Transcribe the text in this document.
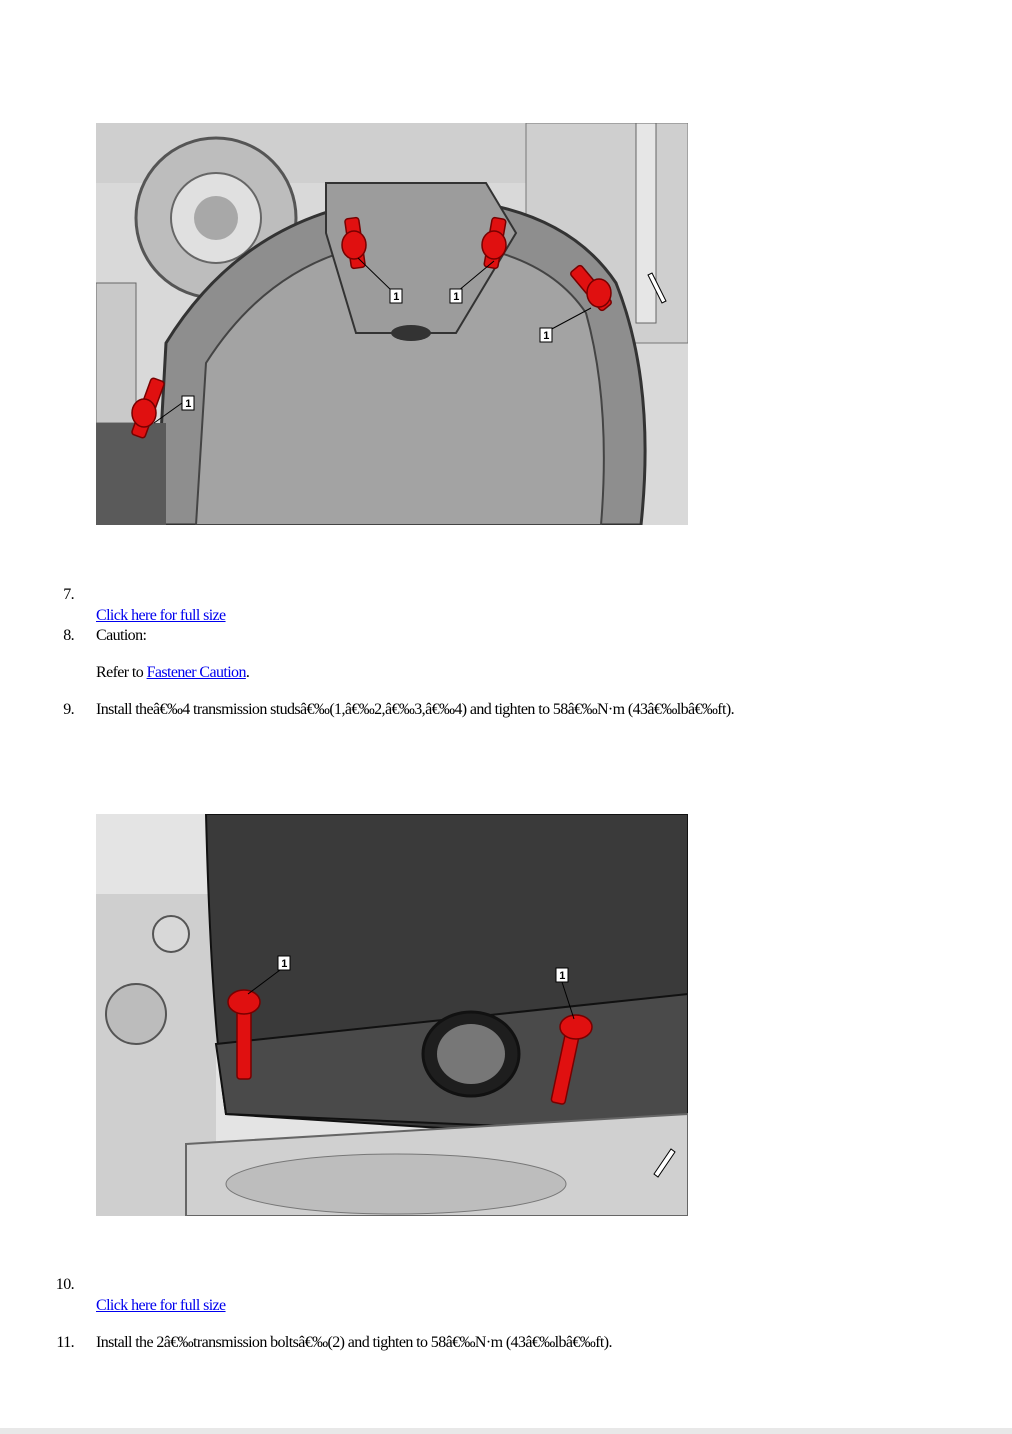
1	1
1
1
7.
Click here for full size
8. Caution:
Refer to Fastener Caution.
9. Install theâ€‰4 transmission studsâ€‰(1,â€‰2,â€‰3,â€‰4) and tighten to 58â€‰N·m (43â€‰lbâ€‰ft).
1
1
10.
Click here for full size
11. Install the 2â€‰transmission boltsâ€‰(2) and tighten to 58â€‰N·m (43â€‰lbâ€‰ft).
